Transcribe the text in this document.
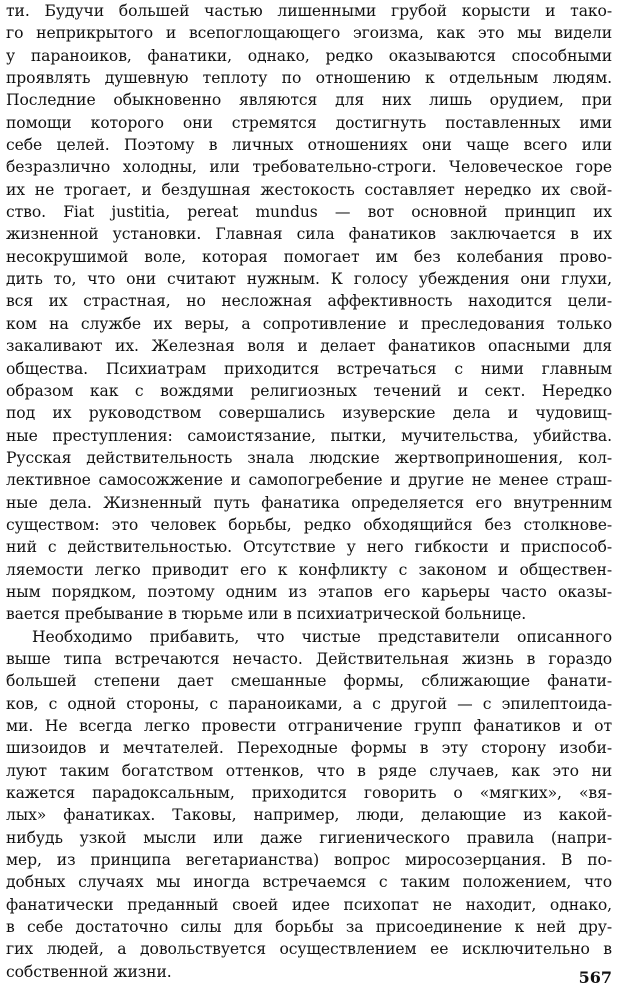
ти. Будучи большей частью лишенными грубой корысти и тако-
го неприкрытого и всепоглощающего эгоизма, как это мы видели
у параноиков, фанатики, однако, редко оказываются способными
проявлять душевную теплоту по отношению к отдельным людям.
Последние обыкновенно являются для них лишь орудием, при
помощи которого они стремятся достигнуть поставленных ими
себе целей. Поэтому в личных отношениях они чаще всего или
безразлично холодны, или требовательно-строги. Человеческое горе
их не трогает, и бездушная жестокость составляет нередко их свой-
ство. Fiat justitia, pereat mundus — вот основной принцип их
жизненной установки. Главная сила фанатиков заключается в их
несокрушимой воле, которая помогает им без колебания прово-
дить то, что они считают нужным. К голосу убеждения они глухи,
вся их страстная, но несложная аффективность находится цели-
ком на службе их веры, а сопротивление и преследования только
закаливают их. Железная воля и делает фанатиков опасными для
общества. Психиатрам приходится встречаться с ними главным
образом как с вождями религиозных течений и сект. Нередко
под их руководством совершались изуверские дела и чудовищ-
ные преступления: самоистязание, пытки, мучительства, убийства.
Русская действительность знала людские жертвоприношения, кол-
лективное самосожжение и самопогребение и другие не менее страш-
ные дела. Жизненный путь фанатика определяется его внутренним
существом: это человек борьбы, редко обходящийся без столкнове-
ний с действительностью. Отсутствие у него гибкости и приспособ-
ляемости легко приводит его к конфликту с законом и обществен-
ным порядком, поэтому одним из этапов его карьеры часто оказы-
вается пребывание в тюрьме или в психиатрической больнице.
Необходимо прибавить, что чистые представители описанного
выше типа встречаются нечасто. Действительная жизнь в гораздо
большей степени дает смешанные формы, сближающие фанати-
ков, с одной стороны, с параноиками, а с другой — с эпилептоида-
ми. Не всегда легко провести отграничение групп фанатиков и от
шизоидов и мечтателей. Переходные формы в эту сторону изоби-
луют таким богатством оттенков, что в ряде случаев, как это ни
кажется парадоксальным, приходится говорить о «мягких», «вя-
лых» фанатиках. Таковы, например, люди, делающие из какой-
нибудь узкой мысли или даже гигиенического правила (напри-
мер, из принципа вегетарианства) вопрос миросозерцания. В по-
добных случаях мы иногда встречаемся с таким положением, что
фанатически преданный своей идее психопат не находит, однако,
в себе достаточно силы для борьбы за присоединение к ней дру-
гих людей, а довольствуется осуществлением ее исключительно в
собственной жизни.	567
